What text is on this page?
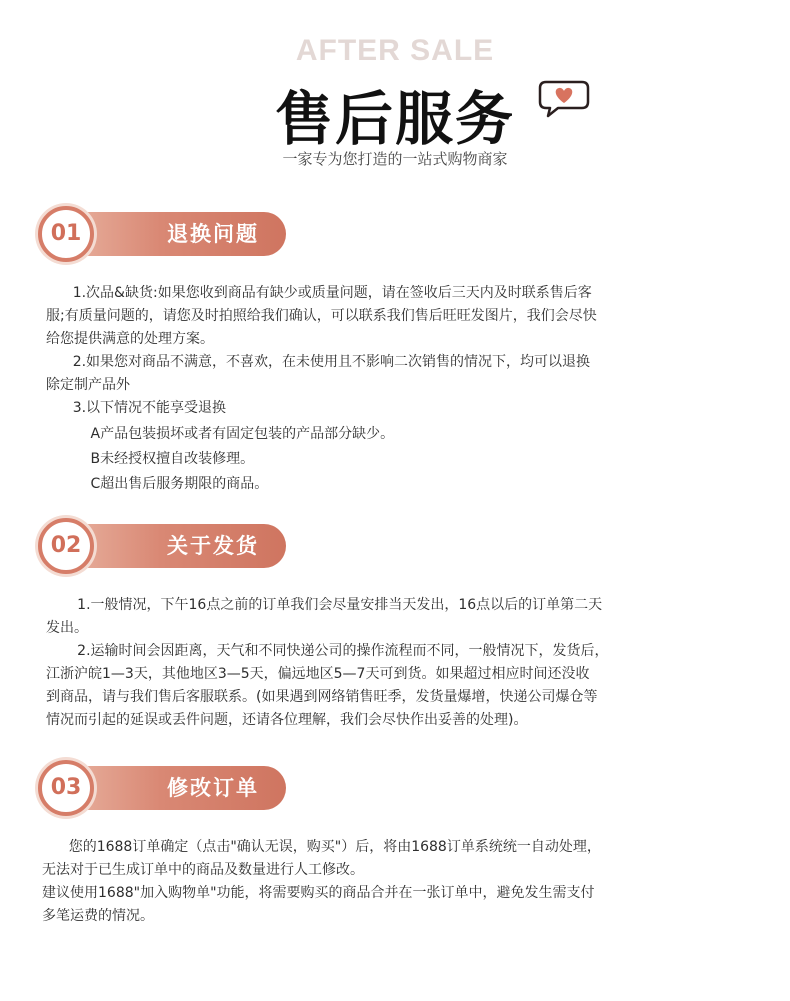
AFTER SALE
售后服务
一家专为您打造的一站式购物商家
退换问题
01
1.次品&缺货:如果您收到商品有缺少或质量问题，请在签收后三天内及时联系售后客
服;有质量问题的，请您及时拍照给我们确认，可以联系我们售后旺旺发图片，我们会尽快
给您提供满意的处理方案。
2.如果您对商品不满意，不喜欢，在未使用且不影响二次销售的情况下，均可以退换
除定制产品外
3.以下情况不能享受退换
A产品包装损坏或者有固定包装的产品部分缺少。
B未经授权擅自改装修理。
C超出售后服务期限的商品。
关于发货
02
1.一般情况，下午16点之前的订单我们会尽量安排当天发出，16点以后的订单第二天
发出。
2.运输时间会因距离，天气和不同快递公司的操作流程而不同，一般情况下，发货后，
江浙沪皖1—3天，其他地区3—5天，偏远地区5—7天可到货。如果超过相应时间还没收
到商品，请与我们售后客服联系。(如果遇到网络销售旺季，发货量爆增，快递公司爆仓等
情况而引起的延误或丢件问题，还请各位理解，我们会尽快作出妥善的处理)。
修改订单
03
您的1688订单确定（点击"确认无误，购买"）后，将由1688订单系统统一自动处理，
无法对于已生成订单中的商品及数量进行人工修改。
建议使用1688"加入购物单"功能，将需要购买的商品合并在一张订单中，避免发生需支付
多笔运费的情况。
